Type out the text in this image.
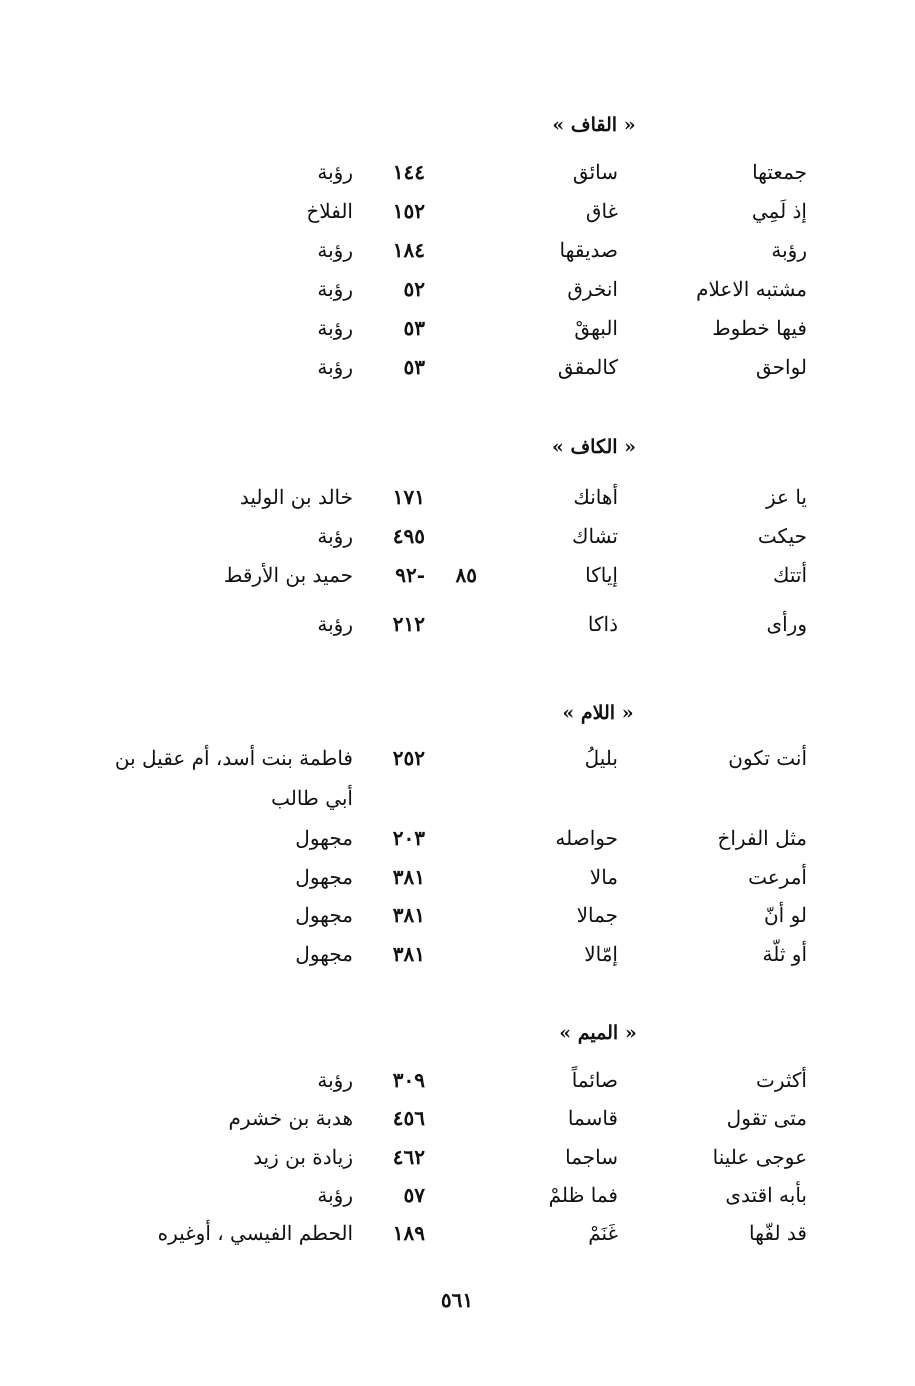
« القاف »
جمعتها
سائق
١٤٤
رؤبة
إذ لَمِي
غاق
١٥٢
الفلاخ
رؤبة
صديقها
١٨٤
رؤبة
مشتبه الاعلام
انخرق
٥٢
رؤبة
فيها خطوط
البهقْ
٥٣
رؤبة
لواحق
كالمقق
٥٣
رؤبة
« الكاف »
يا عز
أهانك
١٧١
خالد بن الوليد
حيكت
تشاك
٤٩٥
رؤبة
أتتك
إياكا
٨٥
-٩٢
حميد بن الأرقط
ورأى
ذاكا
٢١٢
رؤبة
« اللام »
أنت تكون
بليلُ
٢٥٢
فاطمة بنت أسد، أم عقيل بن أبي طالب
مثل الفراخ
حواصله
٢٠٣
مجهول
أمرعت
مالا
٣٨١
مجهول
لو أنّ
جمالا
٣٨١
مجهول
أو ثلّة
إمّالا
٣٨١
مجهول
« الميم »
أكثرت
صائماً
٣٠٩
رؤبة
متى تقول
قاسما
٤٥٦
هدبة بن خشرم
عوجى علينا
ساجما
٤٦٢
زيادة بن زيد
بأبه اقتدى
فما ظلمْ
٥٧
رؤبة
قد لفّها
غَنَمْ
١٨٩
الحطم الفيسي ، أوغيره
٥٦١
